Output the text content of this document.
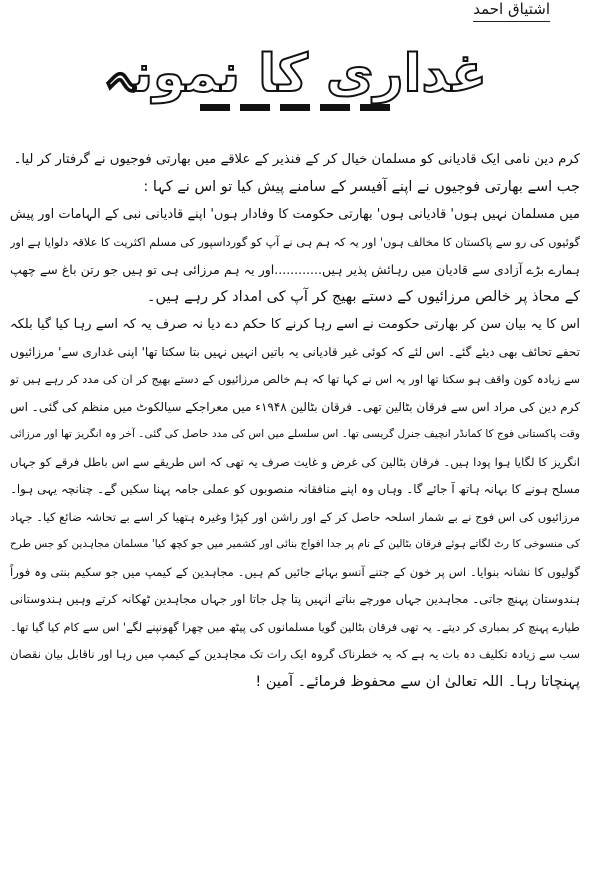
اشتیاق احمد
غداری کا نمونہ
کرم دین نامی ایک قادیانی کو مسلمان خیال کر کے فنذیر کے علاقے میں بھارتی فوجیوں نے گرفتار کر لیا۔
جب اسے بھارتی فوجیوں نے اپنے آفیسر کے سامنے پیش کیا تو اس نے کہا :
میں مسلمان نہیں ہوں' قادیانی ہوں' بھارتی حکومت کا وفادار ہوں' اپنے قادیانی نبی کے الہامات اور پیش
گوئیوں کی رو سے پاکستان کا مخالف ہوں' اور یہ کہ ہم ہی نے آپ کو گورداسپور کی مسلم اکثریت کا علاقہ دلوایا ہے اور
ہمارے بڑے آزادی سے قادیان میں رہائش پذیر ہیں............اور یہ ہم مرزائی ہی تو ہیں جو رتن باغ سے چھپ
کے محاذ پر خالص مرزائیوں کے دستے بھیج کر آپ کی امداد کر رہے ہیں۔
اس کا یہ بیان سن کر بھارتی حکومت نے اسے رہا کرنے کا حکم دے دیا نہ صرف یہ کہ اسے رہا کیا گیا بلکہ
تحفے تحائف بھی دیئے گئے۔ اس لئے کہ کوئی غیر قادیانی یہ باتیں انہیں نہیں بتا سکتا تھا' اپنی غداری سے' مرزائیوں
سے زیادہ کون واقف ہو سکتا تھا اور یہ اس نے کہا تھا کہ ہم خالص مرزائیوں کے دستے بھیج کر ان کی مدد کر رہے ہیں تو
کرم دین کی مراد اس سے فرقان بٹالین تھی۔ فرقان بٹالین ۱۹۴۸ء میں معراجکے سیالکوٹ میں منظم کی گئی۔ اس
وقت پاکستانی فوج کا کمانڈر انچیف جنرل گریسی تھا۔ اس سلسلے میں اس کی مدد حاصل کی گئی۔ آخر وہ انگریز تھا اور مرزائی
انگریز کا لگایا ہوا پودا ہیں۔ فرقان بٹالین کی غرض و غایت صرف یہ تھی کہ اس طریقے سے اس باطل فرقے کو جہاں
مسلح ہونے کا بہانہ ہاتھ آ جائے گا۔ وہاں وہ اپنے منافقانہ منصوبوں کو عملی جامہ پہنا سکیں گے۔ چنانچہ یہی ہوا۔
مرزائیوں کی اس فوج نے بے شمار اسلحہ حاصل کر کے اور راشن اور کپڑا وغیرہ ہتھیا کر اسے بے تحاشہ ضائع کیا۔ جہاد
کی منسوخی کا رٹ لگاتے ہوئے فرقان بٹالین کے نام پر جدا افواج بنائی اور کشمیر میں جو کچھ کیا' مسلمان مجاہدین کو جس طرح
گولیوں کا نشانہ بنوایا۔ اس پر خون کے جتنے آنسو بہائے جائیں کم ہیں۔ مجاہدین کے کیمپ میں جو سکیم بنتی وہ فوراً
ہندوستان پہنچ جاتی۔ مجاہدین جہاں مورچے بناتے انہیں پتا چل جاتا اور جہاں مجاہدین ٹھکانہ کرتے وہیں ہندوستانی
طیارے پہنچ کر بمباری کر دیتے۔ یہ تھی فرقان بٹالین گویا مسلمانوں کی پیٹھ میں چھرا گھونپنے لگے' اس سے کام کیا گیا تھا۔
سب سے زیادہ تکلیف دہ بات یہ ہے کہ یہ خطرناک گروہ ایک رات تک مجاہدین کے کیمپ میں رہا اور ناقابل بیان نقصان
پہنچاتا رہا۔ اللہ تعالیٰ ان سے محفوظ فرمائے۔ آمین !
